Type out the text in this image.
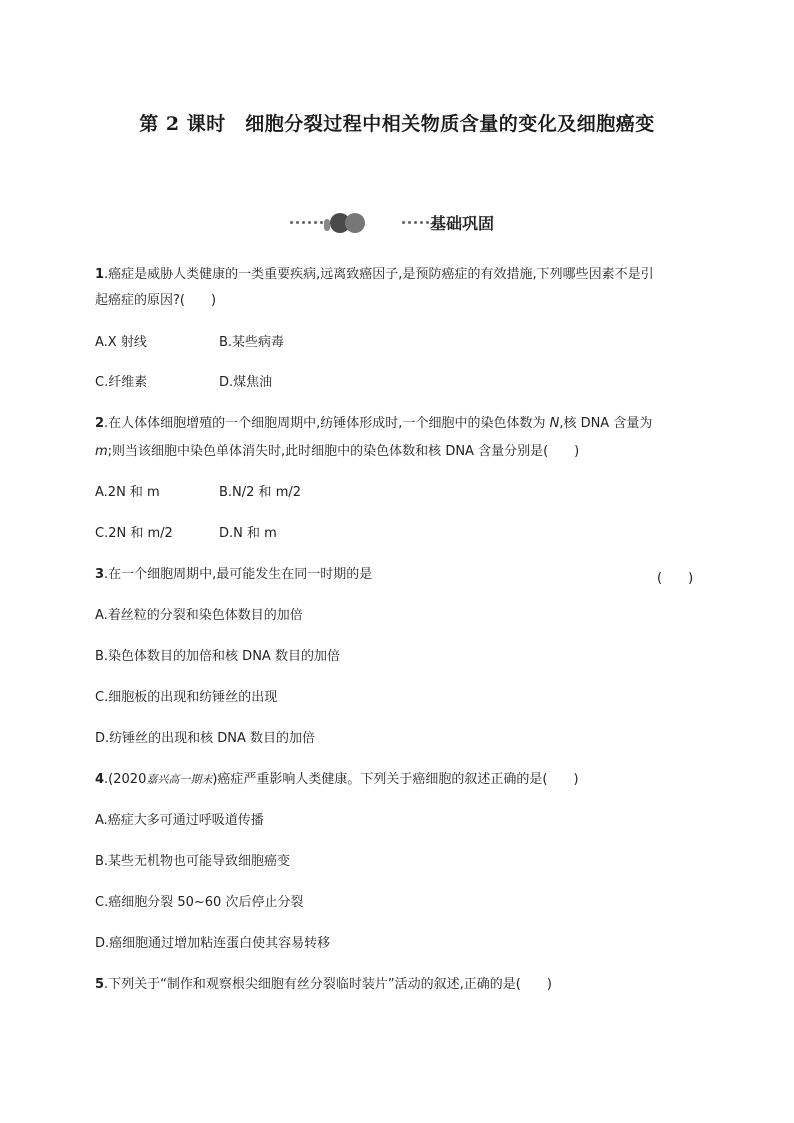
第 2 课时　细胞分裂过程中相关物质含量的变化及细胞癌变
基础巩固
1.癌症是威胁人类健康的一类重要疾病,远离致癌因子,是预防癌症的有效措施,下列哪些因素不是引
起癌症的原因?(　　)
A.X 射线	B.某些病毒
C.纤维素	D.煤焦油
2.在人体体细胞增殖的一个细胞周期中,纺锤体形成时,一个细胞中的染色体数为 N,核 DNA 含量为
m;则当该细胞中染色单体消失时,此时细胞中的染色体数和核 DNA 含量分别是(　　)
A.2N 和 m	B.N/2 和 m/2
C.2N 和 m/2	D.N 和 m
3.在一个细胞周期中,最可能发生在同一时期的是	(　　)
A.着丝粒的分裂和染色体数目的加倍
B.染色体数目的加倍和核 DNA 数目的加倍
C.细胞板的出现和纺锤丝的出现
D.纺锤丝的出现和核 DNA 数目的加倍
4.(2020嘉兴高一期末)癌症严重影响人类健康。下列关于癌细胞的叙述正确的是(　　)
A.癌症大多可通过呼吸道传播
B.某些无机物也可能导致细胞癌变
C.癌细胞分裂 50~60 次后停止分裂
D.癌细胞通过增加粘连蛋白使其容易转移
5.下列关于“制作和观察根尖细胞有丝分裂临时装片”活动的叙述,正确的是(　　)
